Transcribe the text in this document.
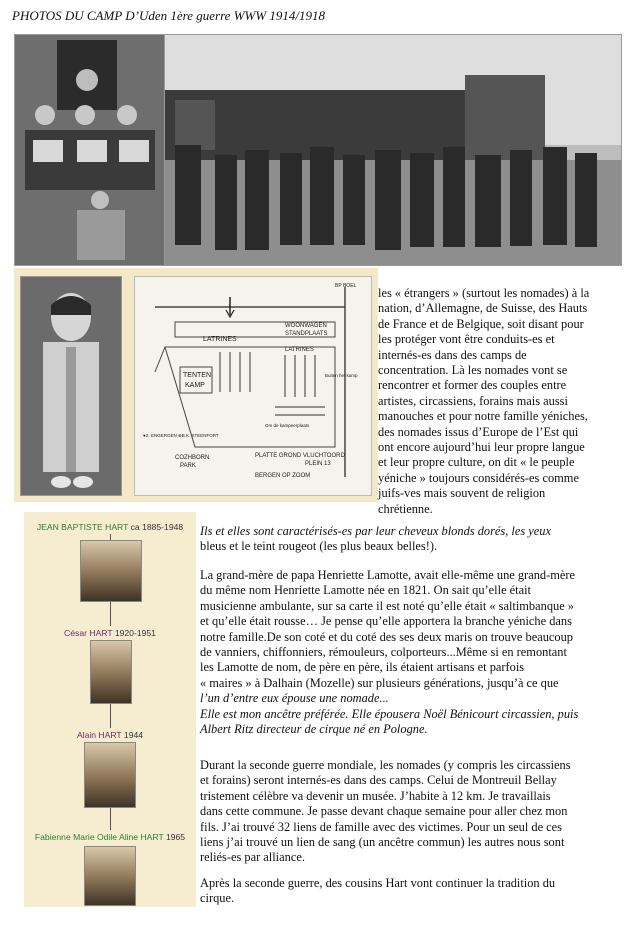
PHOTOS DU CAMP D’Uden 1ère guerre WWW 1914/1918
LATRINES
WOONWAGEN
STANDPLAATS
TENTEN
KAMP
LATRINES
Om de kampeerplaats
Buiten het kamp
●Z. ENGERGEN ⊕B.K. STEENFORT
COZHBORN
PARK
PLATTE GROND VLUCHTOORD
PLEIN 13
BERGEN OP ZOOM
BP BOEL les « étrangers » (surtout les nomades) à la

nation, d’Allemagne, de Suisse, des Hauts

de France et de Belgique, soit disant pour

les protéger vont être conduits-es et

internés-es dans des camps de

concentration. Là les nomades vont se

rencontrer et former des couples entre

artistes, circassiens, forains mais aussi

manouches et pour notre famille yéniches,

des nomades issus d’Europe de l’Est qui

ont encore aujourd’hui leur propre langue

et leur propre culture, on dit « le peuple

yéniche » toujours considérés-es comme

juifs-ves mais souvent de religion

chrétienne.

JEAN BAPTISTE HART ca 1885-1948
César HART 1920-1951
Alain HART 1944
Fabienne Marie Odile Aline HART 1965

Ils et elles sont caractérisés-es par leur cheveux blonds dorés, les yeux

bleus et le teint rougeot (les plus beaux belles!).

La grand-mère de papa Henriette Lamotte, avait elle-même une grand-mère

du même nom Henriette Lamotte née en 1821. On sait qu’elle était

musicienne ambulante, sur sa carte il est noté qu’elle était « saltimbanque »

et qu’elle était rousse… Je pense qu’elle apportera la branche yéniche dans

notre famille.De son coté et du coté des ses deux maris on trouve beaucoup

de vanniers, chiffonniers, rémouleurs, colporteurs...Même si en remontant

les Lamotte de nom, de père en père, ils étaient artisans et parfois

« maires » à Dalhain (Mozelle) sur plusieurs générations, jusqu’à ce que

l’un d’entre eux épouse une nomade...

Elle est mon ancêtre préférée. Elle épousera Noël Bénicourt circassien, puis

Albert Ritz directeur de cirque né en Pologne.

Durant la seconde guerre mondiale, les nomades (y compris les circassiens

et forains) seront internés-es dans des camps. Celui de Montreuil Bellay

tristement célèbre va devenir un musée. J’habite à 12 km. Je travaillais

dans cette commune. Je passe devant chaque semaine pour aller chez mon

fils. J’ai trouvé 32 liens de famille avec des victimes. Pour un seul de ces

liens j’ai trouvé un lien de sang (un ancêtre commun) les autres nous sont

reliés-es par alliance.

Après la seconde guerre, des cousins Hart vont continuer la tradition du

cirque.
